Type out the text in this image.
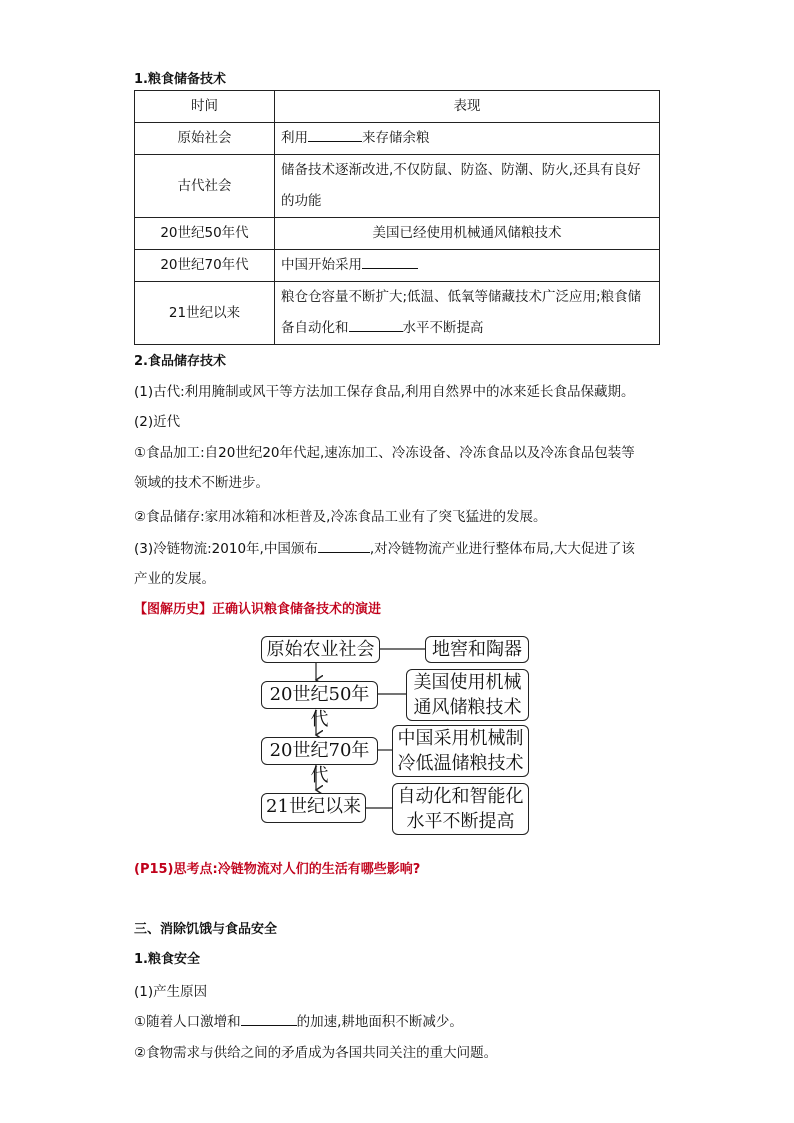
1.粮食储备技术
时间	表现
原始社会	利用 来存储余粮
古代社会	储备技术逐渐改进,不仅防鼠、防盗、防潮、防火,还具有良好
的功能

20世纪50年代	美国已经使用机械通风储粮技术
20世纪70年代	中国开始采用
21世纪以来	粮仓仓容量不断扩大;低温、低氧等储藏技术广泛应用;粮食储
备自动化和 水平不断提高
2.食品储存技术
(1)古代:利用腌制或风干等方法加工保存食品,利用自然界中的冰来延长食品保藏期。
(2)近代
①食品加工:自20世纪20年代起,速冻加工、冷冻设备、冷冻食品以及冷冻食品包装等
领域的技术不断进步。
②食品储存:家用冰箱和冰柜普及,冷冻食品工业有了突飞猛进的发展。
(3)冷链物流:2010年,中国颁布	,对冷链物流产业进行整体布局,大大促进了该
产业的发展。
【图解历史】正确认识粮食储备技术的演进
原始农业社会
20世纪50年代
20世纪70年代
21世纪以来
地窖和陶器
美国使用机械
通风储粮技术
中国采用机械制
冷低温储粮技术
自动化和智能化
水平不断提高
(P15)思考点:冷链物流对人们的生活有哪些影响?
三、消除饥饿与食品安全
1.粮食安全
(1)产生原因
①随着人口激增和	的加速,耕地面积不断减少。
②食物需求与供给之间的矛盾成为各国共同关注的重大问题。
